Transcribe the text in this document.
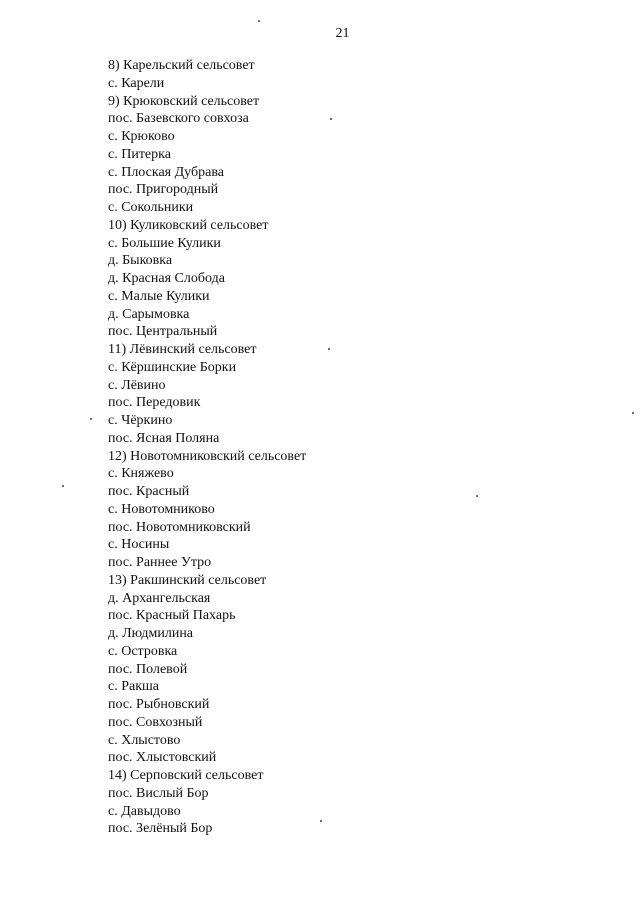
21
8) Карельский сельсовет
с. Карели
9) Крюковский сельсовет
пос. Базевского совхоза
с. Крюково
с. Питерка
с. Плоская Дубрава
пос. Пригородный
с. Сокольники
10) Куликовский сельсовет
с. Большие Кулики
д. Быковка
д. Красная Слобода
с. Малые Кулики
д. Сарымовка
пос. Центральный
11) Лёвинский сельсовет
с. Кёршинские Борки
с. Лёвино
пос. Передовик
с. Чёркино
пос. Ясная Поляна
12) Новотомниковский сельсовет
с. Княжево
пос. Красный
с. Новотомниково
пос. Новотомниковский
с. Носины
пос. Раннее Утро
13) Ракшинский сельсовет
д. Архангельская
пос. Красный Пахарь
д. Людмилина
с. Островка
пос. Полевой
с. Ракша
пос. Рыбновский
пос. Совхозный
с. Хлыстово
пос. Хлыстовский
14) Серповский сельсовет
пос. Вислый Бор
с. Давыдово
пос. Зелёный Бор
